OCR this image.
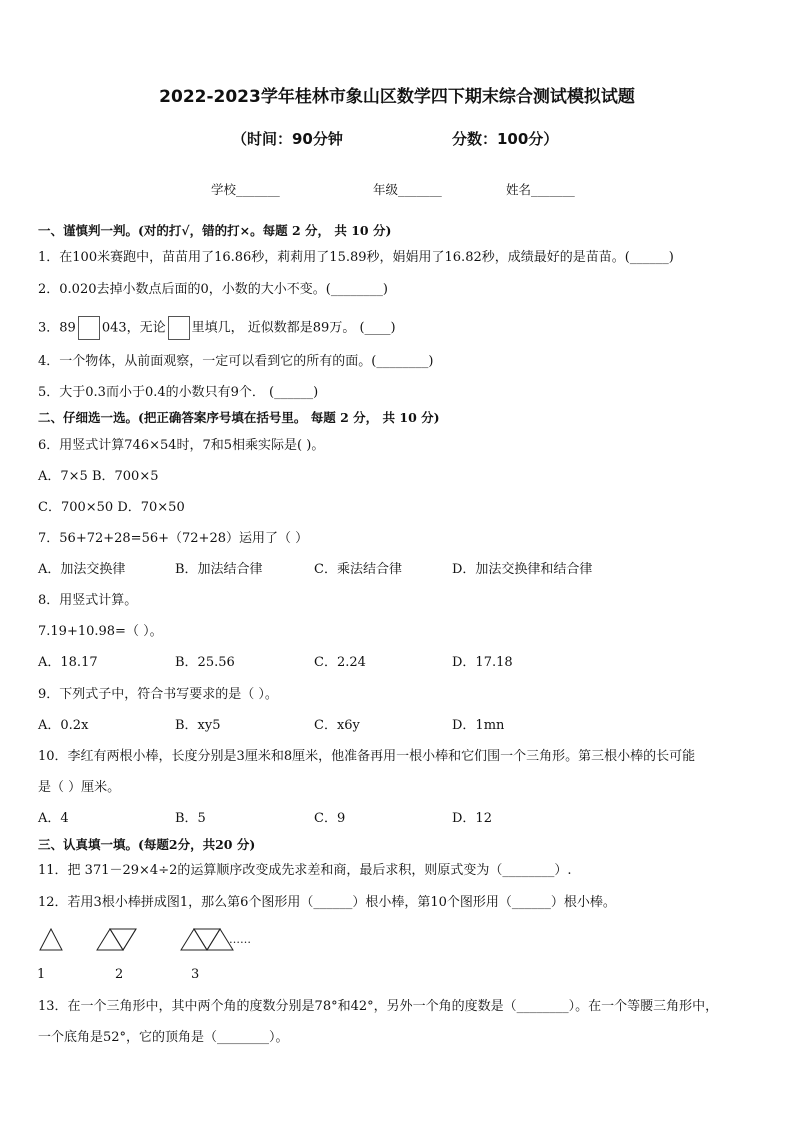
2022-2023学年桂林市象山区数学四下期末综合测试模拟试题
（时间：90分钟	分数：100分）
学校_______	年级_______	姓名_______
一、谨慎判一判。(对的打√，错的打×。每题 2 分， 共 10 分)
1．在100米赛跑中，苗苗用了16.86秒，莉莉用了15.89秒，娟娟用了16.82秒，成绩最好的是苗苗。(______)
2．0.020去掉小数点后面的0，小数的大小不变。(________)
3．89 043，无论 里填几， 近似数都是89万。 (____)
4．一个物体，从前面观察，一定可以看到它的所有的面。(________)
5．大于0.3而小于0.4的小数只有9个． (______)
二、仔细选一选。(把正确答案序号填在括号里。 每题 2 分， 共 10 分)
6．用竖式计算746×54时，7和5相乘实际是( )。
A．7×5 B．700×5
C．700×50 D．70×50
7．56+72+28=56+（72+28）运用了（ ）
A．加法交换律	B．加法结合律	C．乘法结合律	D．加法交换律和结合律
8．用竖式计算。
7.19+10.98=（ ）。
A．18.17	B．25.56	C．2.24	D．17.18
9．下列式子中，符合书写要求的是（ ）。
A．0.2x	B．xy5	C．x6y	D．1mn
10．李红有两根小棒，长度分别是3厘米和8厘米，他准备再用一根小棒和它们围一个三角形。第三根小棒的长可能
是（ ）厘米。
A．4	B．5	C．9	D．12
三、认真填一填。(每题2分，共20 分)
11．把 371－29×4÷2的运算顺序改变成先求差和商，最后求积，则原式变为（________）.
12．若用3根小棒拼成图1，那么第6个图形用（______）根小棒，第10个图形用（______）根小棒。
……
1	2	3
13．在一个三角形中，其中两个角的度数分别是78°和42°，另外一个角的度数是（________）。在一个等腰三角形中，
一个底角是52°，它的顶角是（________）。
